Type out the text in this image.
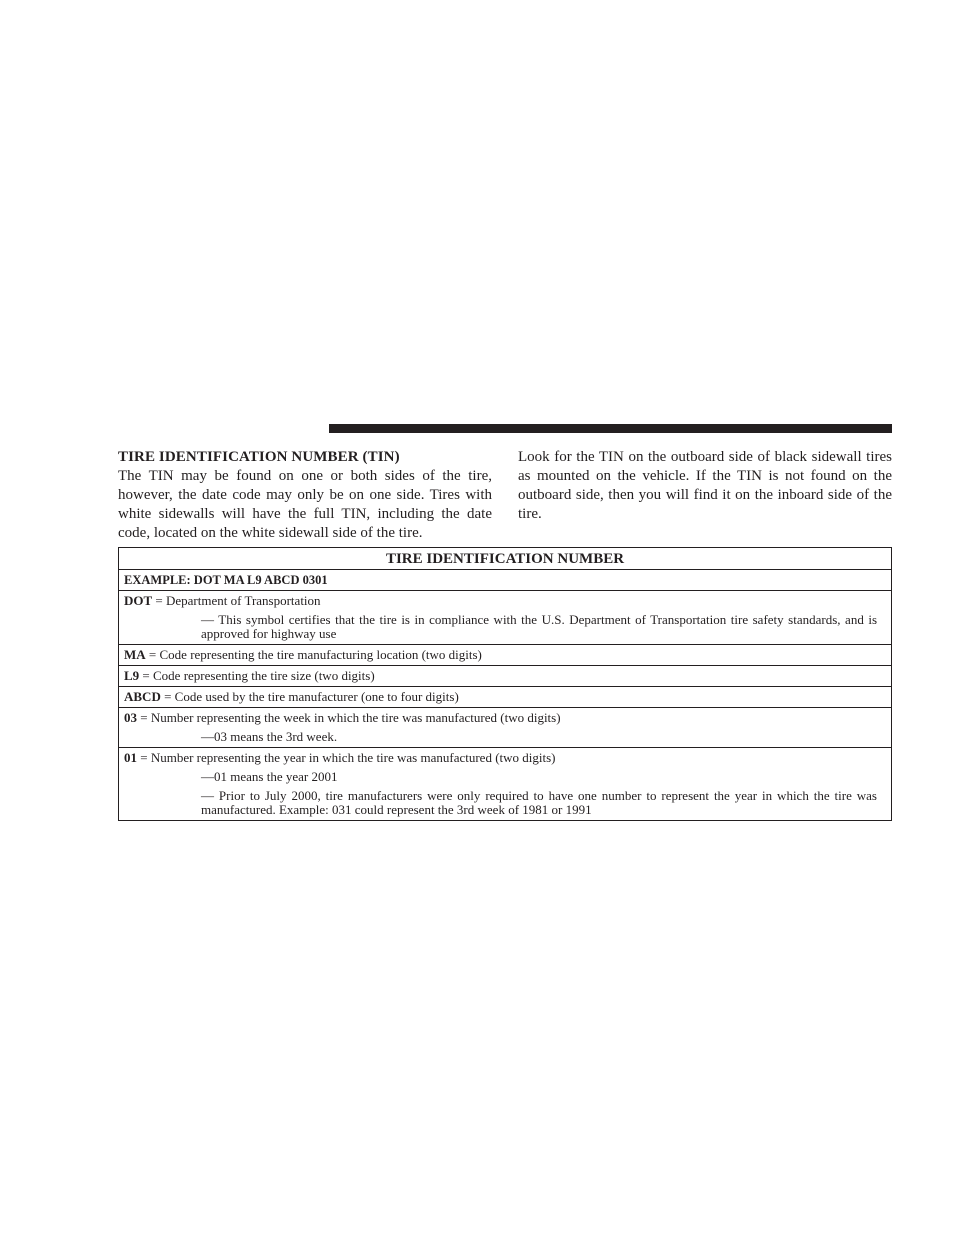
TIRE IDENTIFICATION NUMBER (TIN)

The TIN may be found on one or both sides of the tire, however, the date code may only be on one side. Tires with white sidewalls will have the full TIN, including the date code, located on the white sidewall side of the tire.

Look for the TIN on the outboard side of black sidewall tires as mounted on the vehicle. If the TIN is not found on the outboard side, then you will find it on the inboard side of the tire.

TIRE IDENTIFICATION NUMBER
EXAMPLE: DOT MA L9 ABCD 0301

DOT = Department of Transportation

— This symbol certifies that the tire is in compliance with the U.S. Department of Transportation tire safety standards, and is approved for highway use

MA = Code representing the tire manufacturing location (two digits)

L9 = Code representing the tire size (two digits)

ABCD = Code used by the tire manufacturer (one to four digits)

03 = Number representing the week in which the tire was manufactured (two digits)

—03 means the 3rd week.

01 = Number representing the year in which the tire was manufactured (two digits)

—01 means the year 2001

— Prior to July 2000, tire manufacturers were only required to have one number to represent the year in which the tire was manufactured. Example: 031 could represent the 3rd week of 1981 or 1991
